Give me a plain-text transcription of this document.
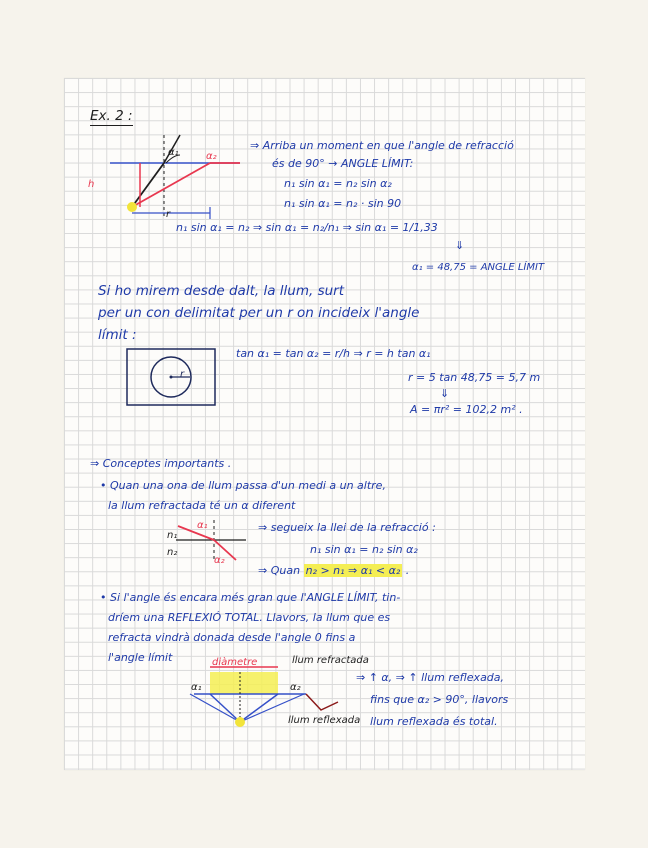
Ex. 2 :
h
r
α₁	α₂
⇒ Arriba un moment en que l'angle de refracció
és de 90° → ANGLE LÍMIT:
n₁ sin α₁ = n₂ sin α₂
n₁ sin α₁ = n₂ · sin 90
n₁ sin α₁ = n₂ ⇒ sin α₁ = n₂/n₁ ⇒ sin α₁ = 1/1,33
⇓
α₁ = 48,75 = ANGLE LÍMIT
Si ho mirem desde dalt, la llum, surt
per un con delimitat per un r on incideix l'angle
límit :
r
tan α₁ = tan α₂ = r/h ⇒ r = h tan α₁
r = 5 tan 48,75 = 5,7 m
⇓
A = πr² = 102,2 m² .
⇒ Conceptes importants .
• Quan una ona de llum passa d'un medi a un altre,
la llum refractada té un α diferent
n₁
n₂
α₁
α₂
⇒ segueix la llei de la refracció :
n₁ sin α₁ = n₂ sin α₂
⇒ Quan n₂ > n₁ ⇒ α₁ < α₂ .
• Si l'angle és encara més gran que l'ANGLE LÍMIT, tin-
dríem una REFLEXIÓ TOTAL. Llavors, la llum que es
refracta vindrà donada desde l'angle 0 fins a
l'angle límit	diàmetre	llum refractada
llum reflexada
α₁	α₂
⇒ ↑ α, ⇒ ↑ llum reflexada,
fins que α₂ > 90°, llavors
llum reflexada és total.
